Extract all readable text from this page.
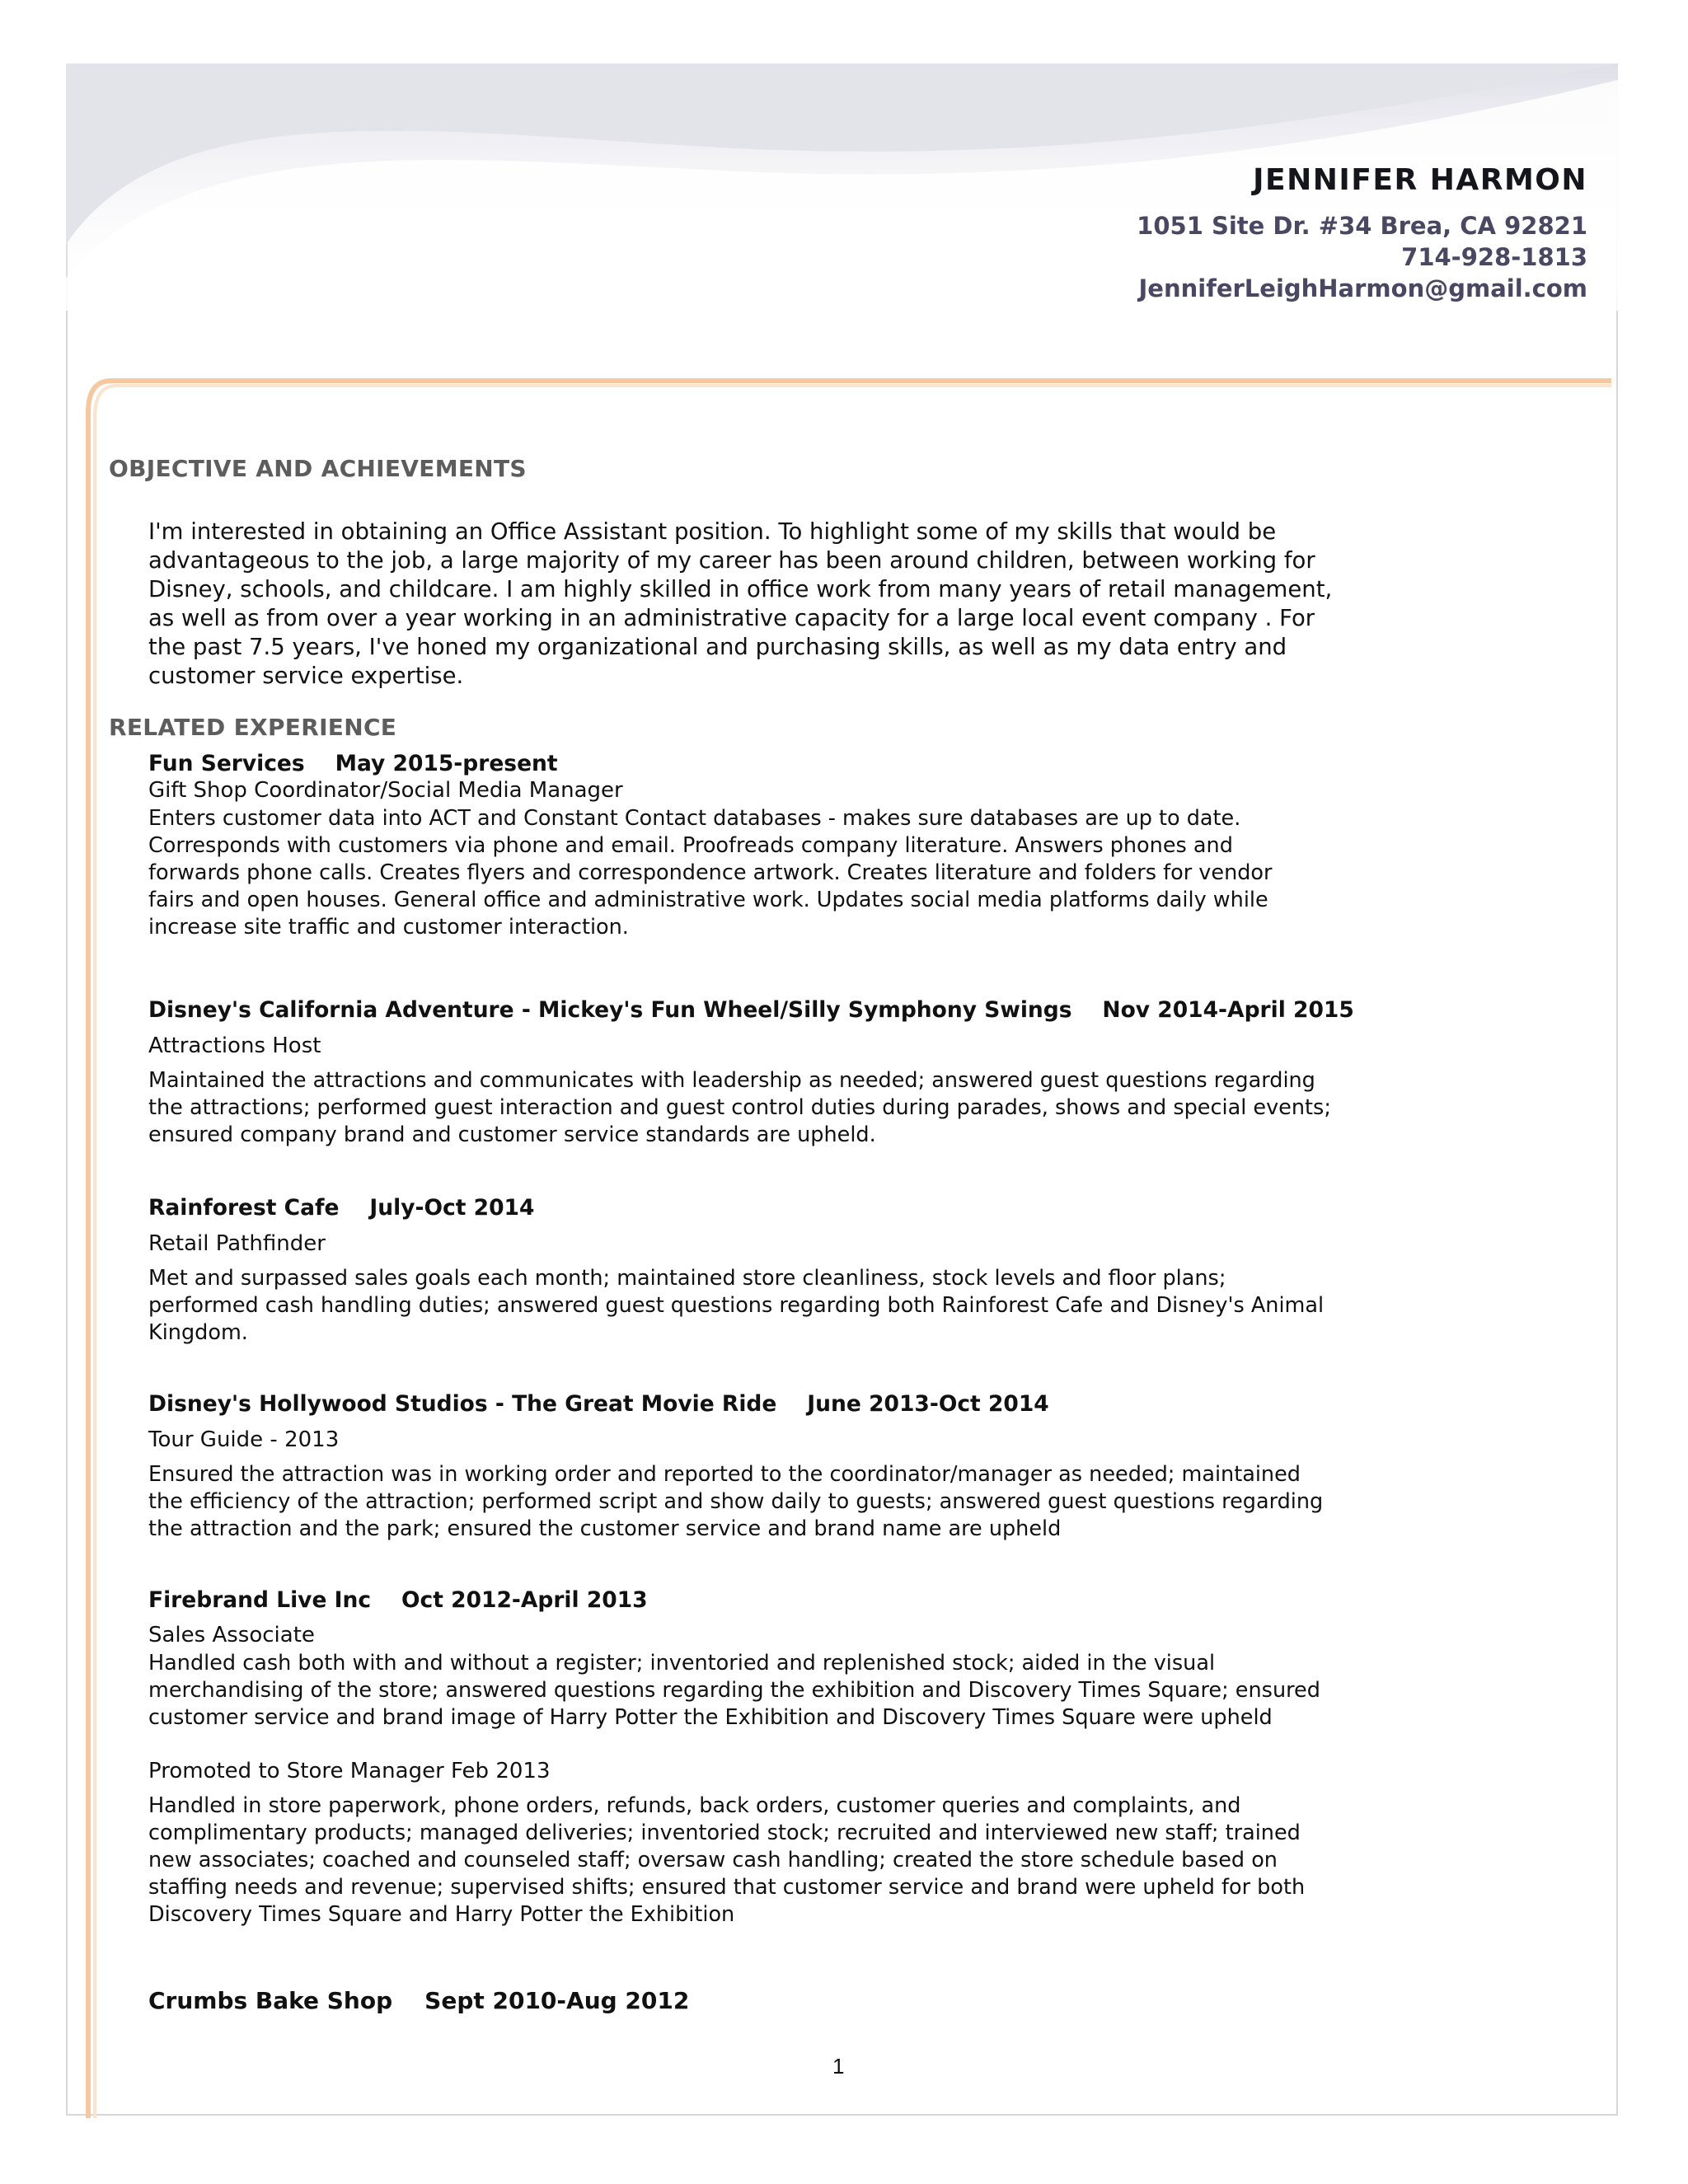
JENNIFER HARMON
1051 Site Dr. #34 Brea, CA 92821
714-928-1813
JenniferLeighHarmon@gmail.com
OBJECTIVE AND ACHIEVEMENTS
I'm interested in obtaining an Office Assistant position. To highlight some of my skills that would be
advantageous to the job, a large majority of my career has been around children, between working for
Disney, schools, and childcare. I am highly skilled in office work from many years of retail management,
as well as from over a year working in an administrative capacity for a large local event company . For
the past 7.5 years, I've honed my organizational and purchasing skills, as well as my data entry and
customer service expertise.
RELATED EXPERIENCE
Fun Services May 2015-present
Gift Shop Coordinator/Social Media Manager
Enters customer data into ACT and Constant Contact databases - makes sure databases are up to date.
Corresponds with customers via phone and email. Proofreads company literature. Answers phones and
forwards phone calls. Creates flyers and correspondence artwork. Creates literature and folders for vendor
fairs and open houses. General office and administrative work. Updates social media platforms daily while
increase site traffic and customer interaction.
Disney's California Adventure - Mickey's Fun Wheel/Silly Symphony Swings Nov 2014-April 2015
Attractions Host
Maintained the attractions and communicates with leadership as needed; answered guest questions regarding
the attractions; performed guest interaction and guest control duties during parades, shows and special events;
ensured company brand and customer service standards are upheld.
Rainforest Cafe July-Oct 2014
Retail Pathfinder
Met and surpassed sales goals each month; maintained store cleanliness, stock levels and floor plans;
performed cash handling duties; answered guest questions regarding both Rainforest Cafe and Disney's Animal
Kingdom.
Disney's Hollywood Studios - The Great Movie Ride June 2013-Oct 2014
Tour Guide - 2013
Ensured the attraction was in working order and reported to the coordinator/manager as needed; maintained
the efficiency of the attraction; performed script and show daily to guests; answered guest questions regarding
the attraction and the park; ensured the customer service and brand name are upheld
Firebrand Live Inc Oct 2012-April 2013
Sales Associate
Handled cash both with and without a register; inventoried and replenished stock; aided in the visual
merchandising of the store; answered questions regarding the exhibition and Discovery Times Square; ensured
customer service and brand image of Harry Potter the Exhibition and Discovery Times Square were upheld
Promoted to Store Manager Feb 2013
Handled in store paperwork, phone orders, refunds, back orders, customer queries and complaints, and
complimentary products; managed deliveries; inventoried stock; recruited and interviewed new staff; trained
new associates; coached and counseled staff; oversaw cash handling; created the store schedule based on
staffing needs and revenue; supervised shifts; ensured that customer service and brand were upheld for both
Discovery Times Square and Harry Potter the Exhibition
Crumbs Bake Shop Sept 2010-Aug 2012
1
